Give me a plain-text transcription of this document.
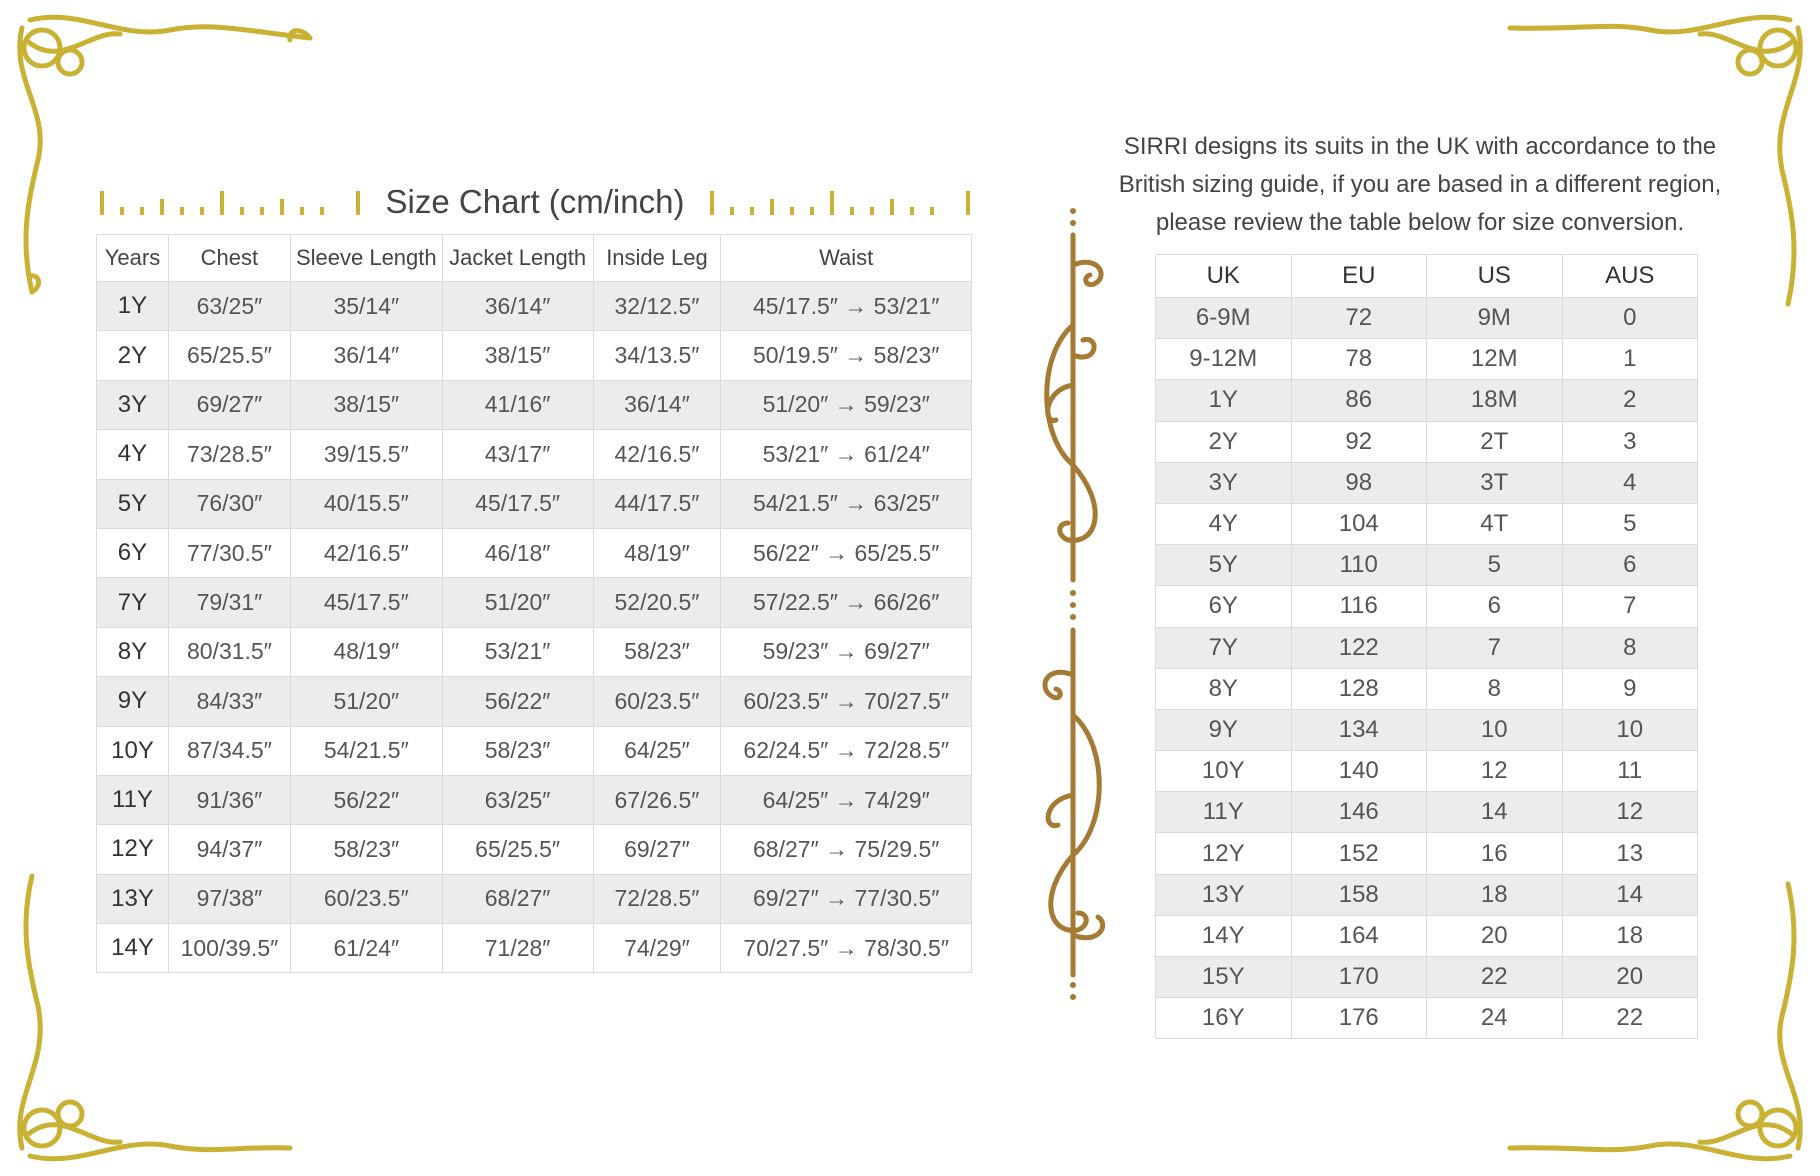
Size Chart (cm/inch)
Years	Chest	Sleeve Length	Jacket Length	Inside Leg	Waist
1Y	63/25″	35/14″	36/14″	32/12.5″	45/17.5″ → 53/21″
2Y	65/25.5″	36/14″	38/15″	34/13.5″	50/19.5″ → 58/23″
3Y	69/27″	38/15″	41/16″	36/14″	51/20″ → 59/23″
4Y	73/28.5″	39/15.5″	43/17″	42/16.5″	53/21″ → 61/24″
5Y	76/30″	40/15.5″	45/17.5″	44/17.5″	54/21.5″ → 63/25″
6Y	77/30.5″	42/16.5″	46/18″	48/19″	56/22″ → 65/25.5″
7Y	79/31″	45/17.5″	51/20″	52/20.5″	57/22.5″ → 66/26″
8Y	80/31.5″	48/19″	53/21″	58/23″	59/23″ → 69/27″
9Y	84/33″	51/20″	56/22″	60/23.5″	60/23.5″ → 70/27.5″
10Y	87/34.5″	54/21.5″	58/23″	64/25″	62/24.5″ → 72/28.5″
11Y	91/36″	56/22″	63/25″	67/26.5″	64/25″ → 74/29″
12Y	94/37″	58/23″	65/25.5″	69/27″	68/27″ → 75/29.5″
13Y	97/38″	60/23.5″	68/27″	72/28.5″	69/27″ → 77/30.5″
14Y	100/39.5″	61/24″	71/28″	74/29″	70/27.5″ → 78/30.5″
SIRRI designs its suits in the UK with accordance to the
British sizing guide, if you are based in a different region,
please review the table below for size conversion.
UK	EU	US	AUS
6-9M	72	9M	0
9-12M	78	12M	1
1Y	86	18M	2
2Y	92	2T	3
3Y	98	3T	4
4Y	104	4T	5
5Y	110	5	6
6Y	116	6	7
7Y	122	7	8
8Y	128	8	9
9Y	134	10	10
10Y	140	12	11
11Y	146	14	12
12Y	152	16	13
13Y	158	18	14
14Y	164	20	18
15Y	170	22	20
16Y	176	24	22
